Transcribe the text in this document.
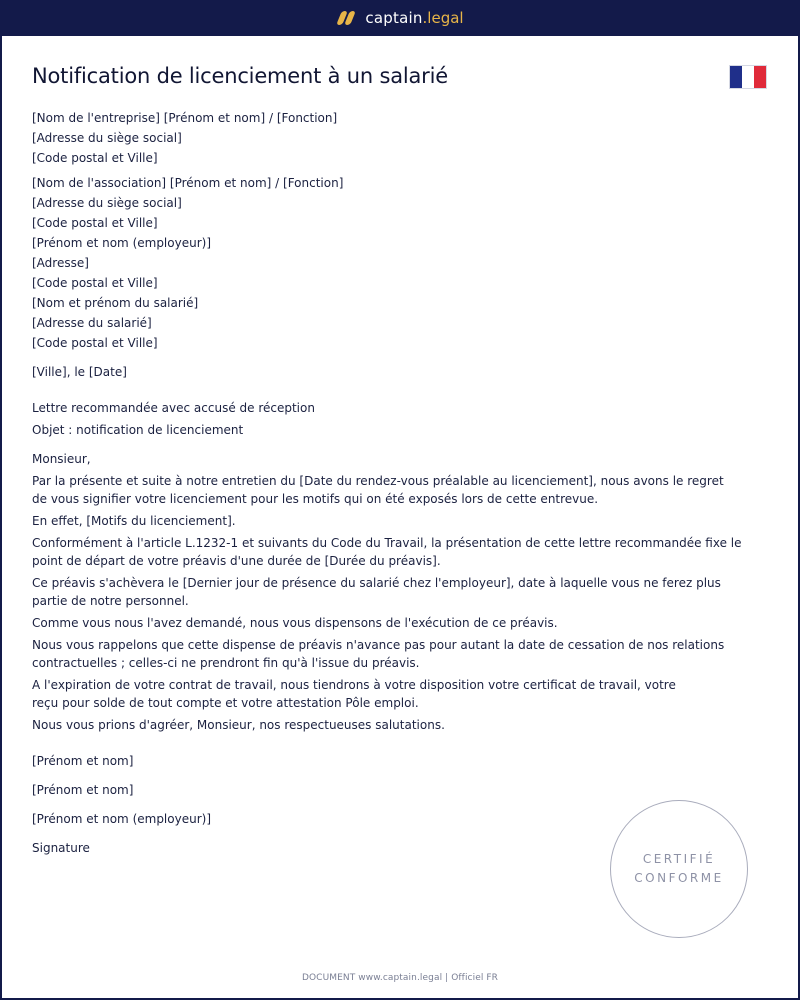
captain .legal
Notification de licenciement à un salarié

[Nom de l'entreprise] [Prénom et nom] / [Fonction]

[Adresse du siège social]

[Code postal et Ville]

[Nom de l'association] [Prénom et nom] / [Fonction]

[Adresse du siège social]

[Code postal et Ville]

[Prénom et nom (employeur)]

[Adresse]

[Code postal et Ville]

[Nom et prénom du salarié]

[Adresse du salarié]

[Code postal et Ville]

[Ville], le [Date]

Lettre recommandée avec accusé de réception

Objet : notification de licenciement

Monsieur,

Par la présente et suite à notre entretien du [Date du rendez-vous préalable au licenciement], nous avons le regret

de vous signifier votre licenciement pour les motifs qui on été exposés lors de cette entrevue.

En effet, [Motifs du licenciement].

Conformément à l'article L.1232-1 et suivants du Code du Travail, la présentation de cette lettre recommandée fixe le

point de départ de votre préavis d'une durée de [Durée du préavis].

Ce préavis s'achèvera le [Dernier jour de présence du salarié chez l'employeur], date à laquelle vous ne ferez plus

partie de notre personnel.

Comme vous nous l'avez demandé, nous vous dispensons de l'exécution de ce préavis.

Nous vous rappelons que cette dispense de préavis n'avance pas pour autant la date de cessation de nos relations

contractuelles ; celles-ci ne prendront fin qu'à l'issue du préavis.

A l'expiration de votre contrat de travail, nous tiendrons à votre disposition votre certificat de travail, votre

reçu pour solde de tout compte et votre attestation Pôle emploi.

Nous vous prions d'agréer, Monsieur, nos respectueuses salutations.

[Prénom et nom]

[Prénom et nom]

[Prénom et nom (employeur)]

Signature

CERTIFIÉ
CONFORME
DOCUMENT www.captain.legal | Officiel FR
